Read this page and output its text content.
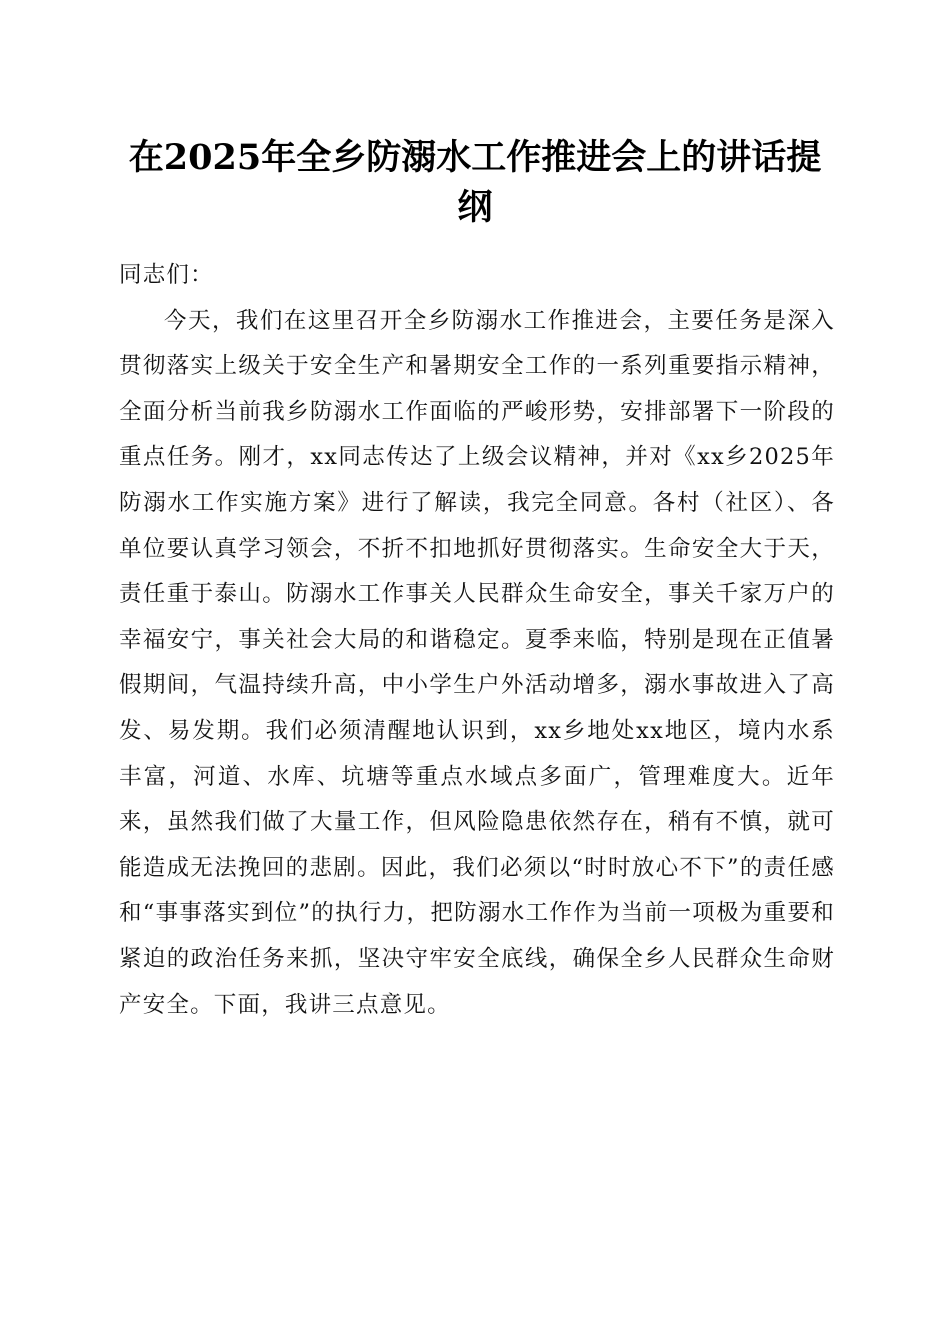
在2025年全乡防溺水工作推进会上的讲话提纲

同志们：

今天，我们在这里召开全乡防溺水工作推进会，主要任务是深入贯彻落实上级关于安全生产和暑期安全工作的一系列重要指示精神，全面分析当前我乡防溺水工作面临的严峻形势，安排部署下一阶段的重点任务。刚才，xx同志传达了上级会议精神，并对《xx乡2025年防溺水工作实施方案》进行了解读，我完全同意。各村（社区）、各单位要认真学习领会，不折不扣地抓好贯彻落实。生命安全大于天，责任重于泰山。防溺水工作事关人民群众生命安全，事关千家万户的幸福安宁，事关社会大局的和谐稳定。夏季来临，特别是现在正值暑假期间，气温持续升高，中小学生户外活动增多，溺水事故进入了高发、易发期。我们必须清醒地认识到，xx乡地处xx地区，境内水系丰富，河道、水库、坑塘等重点水域点多面广，管理难度大。近年来，虽然我们做了大量工作，但风险隐患依然存在，稍有不慎，就可能造成无法挽回的悲剧。因此，我们必须以“时时放心不下”的责任感和“事事落实到位”的执行力，把防溺水工作作为当前一项极为重要和紧迫的政治任务来抓，坚决守牢安全底线，确保全乡人民群众生命财产安全。下面，我讲三点意见。
